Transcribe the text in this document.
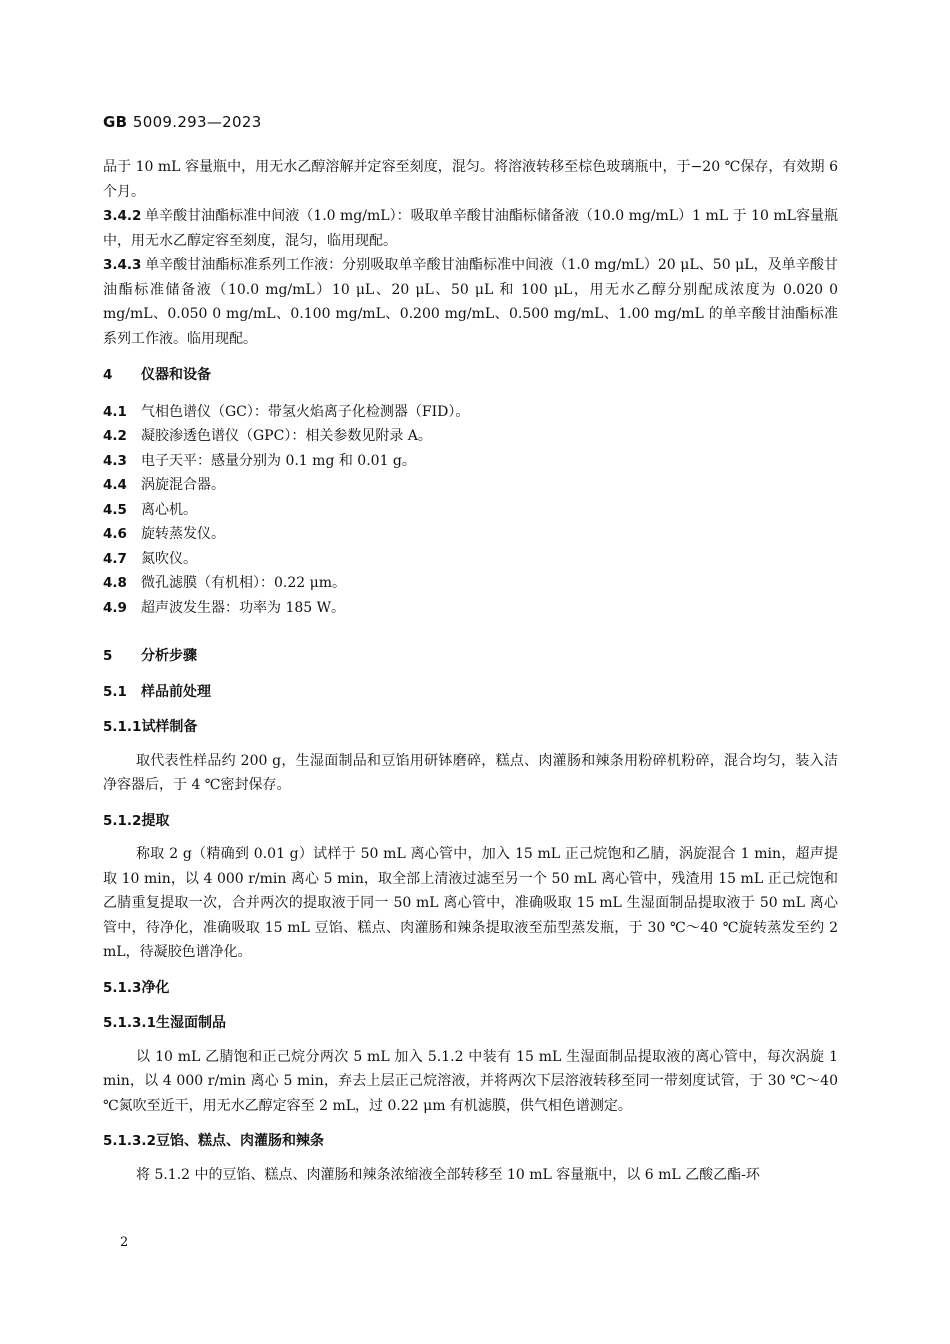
GB 5009.293—2023

品于 10 mL 容量瓶中，用无水乙醇溶解并定容至刻度，混匀。将溶液转移至棕色玻璃瓶中，于−20 ℃保存，有效期 6 个月。

3.4.2 单辛酸甘油酯标准中间液（1.0 mg/mL）：吸取单辛酸甘油酯标储备液（10.0 mg/mL）1 mL 于 10 mL容量瓶中，用无水乙醇定容至刻度，混匀，临用现配。

3.4.3 单辛酸甘油酯标准系列工作液：分别吸取单辛酸甘油酯标准中间液（1.0 mg/mL）20 μL、50 μL，及单辛酸甘油酯标准储备液（10.0 mg/mL）10 μL、20 μL、50 μL 和 100 μL，用无水乙醇分别配成浓度为 0.020 0 mg/mL、0.050 0 mg/mL、0.100 mg/mL、0.200 mg/mL、0.500 mg/mL、1.00 mg/mL 的单辛酸甘油酯标准系列工作液。临用现配。

4	仪器和设备
4.1	气相色谱仪（GC）：带氢火焰离子化检测器（FID）。
4.2	凝胶渗透色谱仪（GPC）：相关参数见附录 A。
4.3	电子天平：感量分别为 0.1 mg 和 0.01 g。
4.4	涡旋混合器。
4.5	离心机。
4.6	旋转蒸发仪。
4.7	氮吹仪。
4.8	微孔滤膜（有机相）：0.22 μm。
4.9	超声波发生器：功率为 185 W。
5	分析步骤
5.1	样品前处理
5.1.1 试样制备

取代表性样品约 200 g，生湿面制品和豆馅用研钵磨碎，糕点、肉灌肠和辣条用粉碎机粉碎，混合均匀，装入洁净容器后，于 4 ℃密封保存。

5.1.2 提取

称取 2 g（精确到 0.01 g）试样于 50 mL 离心管中，加入 15 mL 正己烷饱和乙腈，涡旋混合 1 min，超声提取 10 min，以 4 000 r/min 离心 5 min，取全部上清液过滤至另一个 50 mL 离心管中，残渣用 15 mL 正己烷饱和乙腈重复提取一次，合并两次的提取液于同一 50 mL 离心管中，准确吸取 15 mL 生湿面制品提取液于 50 mL 离心管中，待净化，准确吸取 15 mL 豆馅、糕点、肉灌肠和辣条提取液至茄型蒸发瓶，于 30 ℃～40 ℃旋转蒸发至约 2 mL，待凝胶色谱净化。

5.1.3 净化
5.1.3.1 生湿面制品

以 10 mL 乙腈饱和正己烷分两次 5 mL 加入 5.1.2 中装有 15 mL 生湿面制品提取液的离心管中，每次涡旋 1 min，以 4 000 r/min 离心 5 min，弃去上层正己烷溶液，并将两次下层溶液转移至同一带刻度试管，于 30 ℃～40 ℃氮吹至近干，用无水乙醇定容至 2 mL，过 0.22 μm 有机滤膜，供气相色谱测定。

5.1.3.2 豆馅、糕点、肉灌肠和辣条

将 5.1.2 中的豆馅、糕点、肉灌肠和辣条浓缩液全部转移至 10 mL 容量瓶中，以 6 mL 乙酸乙酯-环

2
